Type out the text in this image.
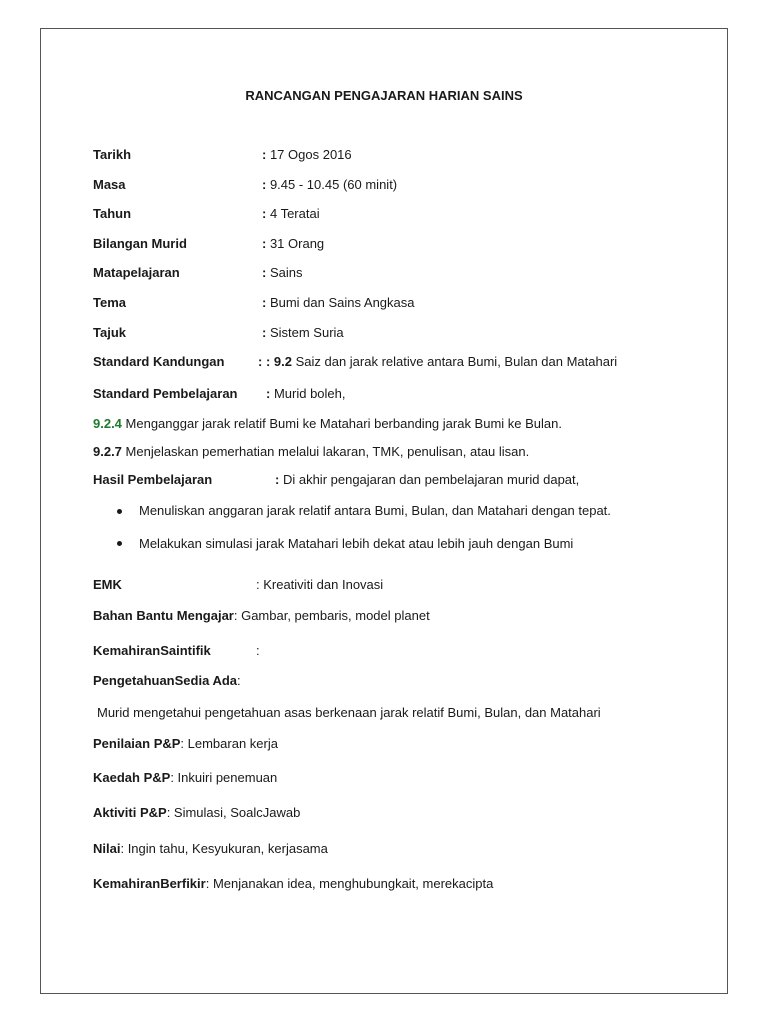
RANCANGAN PENGAJARAN HARIAN SAINS
Tarikh	: 17 Ogos 2016
Masa	: 9.45 - 10.45 (60 minit)
Tahun	: 4 Teratai
Bilangan Murid	: 31 Orang
Matapelajaran	: Sains
Tema	: Bumi dan Sains Angkasa
Tajuk	: Sistem Suria
Standard Kandungan	: : 9.2 Saiz dan jarak relative antara Bumi, Bulan dan Matahari
Standard Pembelajaran : Murid boleh,
9.2.4 Menganggar jarak relatif Bumi ke Matahari berbanding jarak Bumi ke Bulan.
9.2.7 Menjelaskan pemerhatian melalui lakaran, TMK, penulisan, atau lisan.
Hasil Pembelajaran	: Di akhir pengajaran dan pembelajaran murid dapat,
Menuliskan anggaran jarak relatif antara Bumi, Bulan, dan Matahari dengan tepat.
Melakukan simulasi jarak Matahari lebih dekat atau lebih jauh dengan Bumi
EMK	: Kreativiti dan Inovasi
Bahan Bantu Mengajar: Gambar, pembaris, model planet
KemahiranSaintifik	:
PengetahuanSedia Ada:
Murid mengetahui pengetahuan asas berkenaan jarak relatif Bumi, Bulan, dan Matahari
Penilaian P&P: Lembaran kerja
Kaedah P&P: Inkuiri penemuan
Aktiviti P&P: Simulasi, SoalcJawab
Nilai: Ingin tahu, Kesyukuran, kerjasama
KemahiranBerfikir: Menjanakan idea, menghubungkait, merekacipta
